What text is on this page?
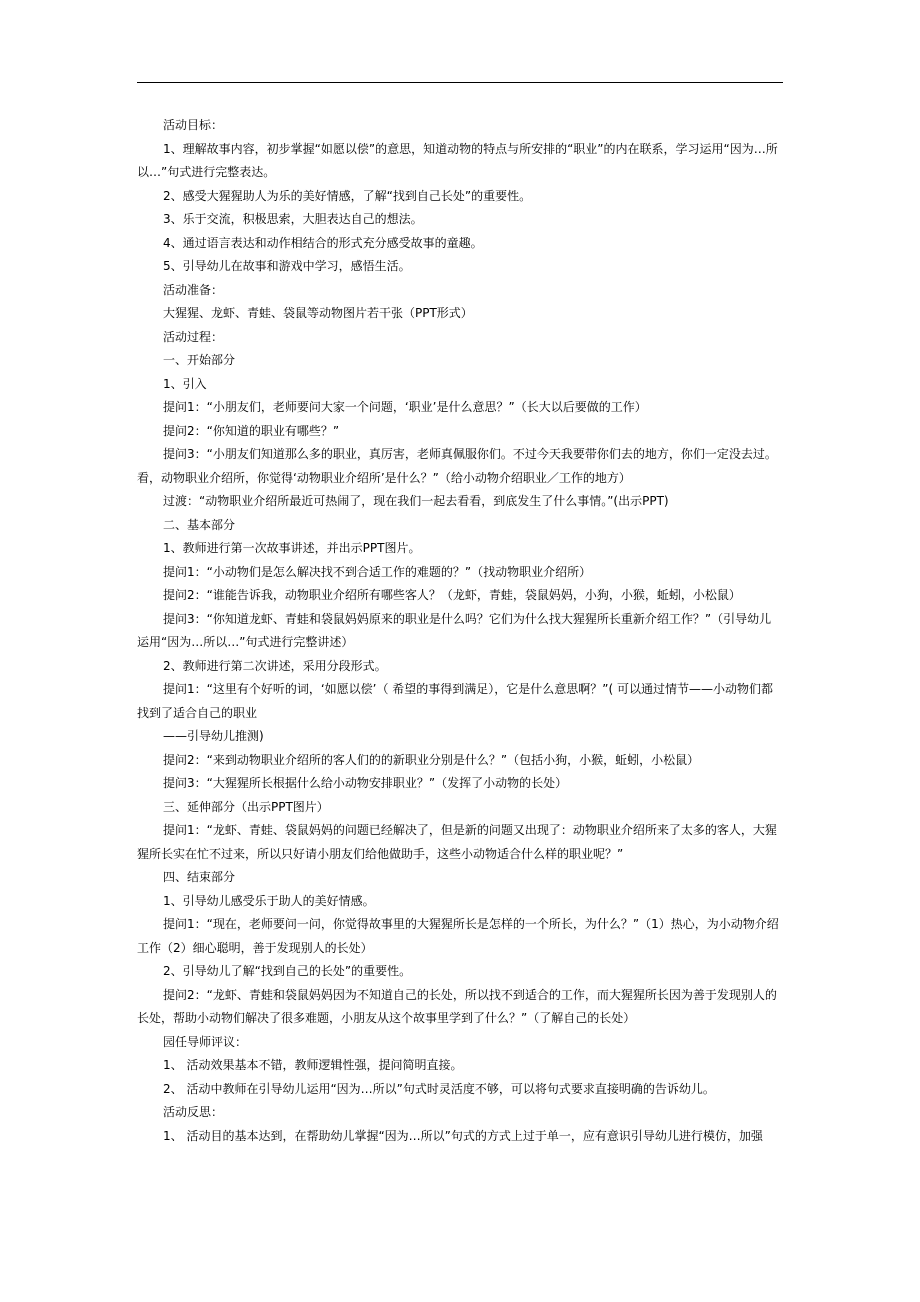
活动目标：

1、理解故事内容，初步掌握“如愿以偿”的意思，知道动物的特点与所安排的“职业”的内在联系，学习运用“因为…所以…”句式进行完整表达。

2、感受大猩猩助人为乐的美好情感，了解“找到自己长处”的重要性。

3、乐于交流，积极思索，大胆表达自己的想法。

4、通过语言表达和动作相结合的形式充分感受故事的童趣。

5、引导幼儿在故事和游戏中学习，感悟生活。

活动准备：

大猩猩、龙虾、青蛙、袋鼠等动物图片若干张（PPT形式）

活动过程：

一、开始部分

1、引入

提问1：“小朋友们，老师要问大家一个问题，‘职业’是什么意思？”（长大以后要做的工作）

提问2：“你知道的职业有哪些？”

提问3：“小朋友们知道那么多的职业，真厉害，老师真佩服你们。不过今天我要带你们去的地方，你们一定没去过。看，动物职业介绍所，你觉得‘动物职业介绍所’是什么？”（给小动物介绍职业／工作的地方）

过渡：“动物职业介绍所最近可热闹了，现在我们一起去看看，到底发生了什么事情。”(出示PPT)

二、基本部分

1、教师进行第一次故事讲述，并出示PPT图片。

提问1：“小动物们是怎么解决找不到合适工作的难题的？”（找动物职业介绍所）

提问2：“谁能告诉我，动物职业介绍所有哪些客人？（龙虾，青蛙，袋鼠妈妈，小狗，小猴，蚯蚓，小松鼠）

提问3：“你知道龙虾、青蛙和袋鼠妈妈原来的职业是什么吗？它们为什么找大猩猩所长重新介绍工作？”（引导幼儿运用“因为…所以…”句式进行完整讲述）

2、教师进行第二次讲述，采用分段形式。

提问1：“这里有个好听的词，‘如愿以偿’（ 希望的事得到满足），它是什么意思啊？”( 可以通过情节——小动物们都找到了适合自己的职业

——引导幼儿推测)

提问2：“来到动物职业介绍所的客人们的的新职业分别是什么？”（包括小狗，小猴，蚯蚓，小松鼠）

提问3：“大猩猩所长根据什么给小动物安排职业？”（发挥了小动物的长处）

三、延伸部分（出示PPT图片）

提问1：“龙虾、青蛙、袋鼠妈妈的问题已经解决了，但是新的问题又出现了：动物职业介绍所来了太多的客人，大猩猩所长实在忙不过来，所以只好请小朋友们给他做助手，这些小动物适合什么样的职业呢？”

四、结束部分

1、引导幼儿感受乐于助人的美好情感。

提问1：“现在，老师要问一问，你觉得故事里的大猩猩所长是怎样的一个所长，为什么？”（1）热心，为小动物介绍工作（2）细心聪明，善于发现别人的长处）

2、引导幼儿了解“找到自己的长处”的重要性。

提问2：“龙虾、青蛙和袋鼠妈妈因为不知道自己的长处，所以找不到适合的工作，而大猩猩所长因为善于发现别人的长处，帮助小动物们解决了很多难题，小朋友从这个故事里学到了什么？”（了解自己的长处）

园任导师评议：

1、 活动效果基本不错，教师逻辑性强，提问简明直接。

2、 活动中教师在引导幼儿运用“因为…所以”句式时灵活度不够，可以将句式要求直接明确的告诉幼儿。

活动反思：

1、 活动目的基本达到，在帮助幼儿掌握“因为…所以”句式的方式上过于单一，应有意识引导幼儿进行模仿，加强
